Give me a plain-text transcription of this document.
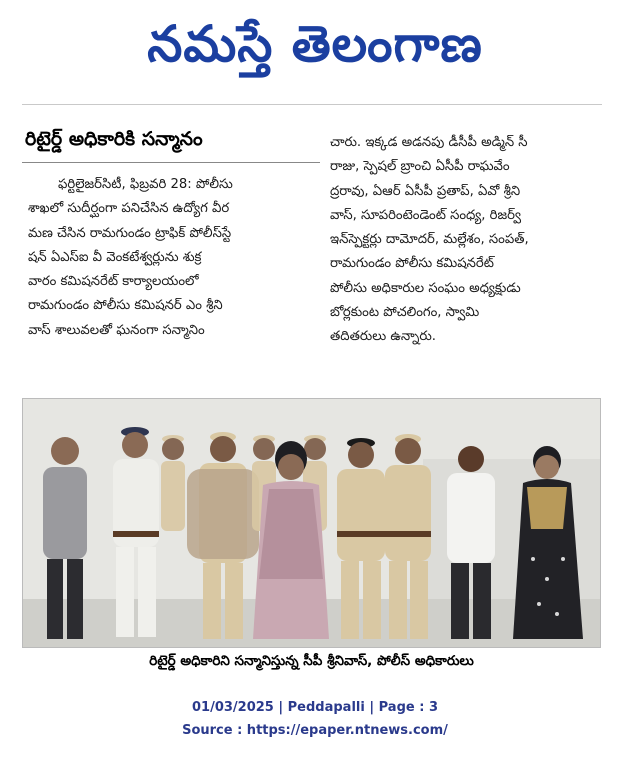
నమస్తే తెలంగాణ
రిటైర్డ్ అధికారికి సన్మానం
ఫర్టిలైజర్‌సిటీ, ఫిబ్రవరి 28: పోలీసు
శాఖలో సుదీర్ఘంగా పనిచేసిన ఉద్యోగ వీర
మణ చేసిన రామగుండం ట్రాఫిక్ పోలీస్‌స్టే
షన్ ఏఎస్ఐ వీ వెంకటేశ్వర్లును శుక్ర
వారం కమిషనరేట్ కార్యాలయంలో
రామగుండం పోలీసు కమిషనర్ ఎం శ్రీని
వాస్ శాలువలతో ఘనంగా సన్మానిం
చారు. ఇక్కడ అడనపు డీసీపీ అడ్మిన్ సీ
రాజు, స్పెషల్ బ్రాంచి ఏసీపీ రాఘవేం
ద్రరావు, ఏఆర్ ఏసీపీ ప్రతాప్, ఏవో శ్రీని
వాస్, సూపరింటెండెంట్ సంధ్య, రిజర్వ్
ఇన్‌స్పెక్టర్లు దామోదర్, మల్లేశం, సంపత్,
రామగుండం పోలీసు కమిషనరేట్
పోలీసు అధికారుల సంఘం అధ్యక్షుడు
బోర్లకుంట పోచలింగం, స్వామి
తదితరులు ఉన్నారు.
రిటైర్డ్ అధికారిని సన్మానిస్తున్న సీపీ శ్రీనివాస్, పోలీస్ అధికారులు
01/03/2025 | Peddapalli | Page : 3
Source : https://epaper.ntnews.com/
